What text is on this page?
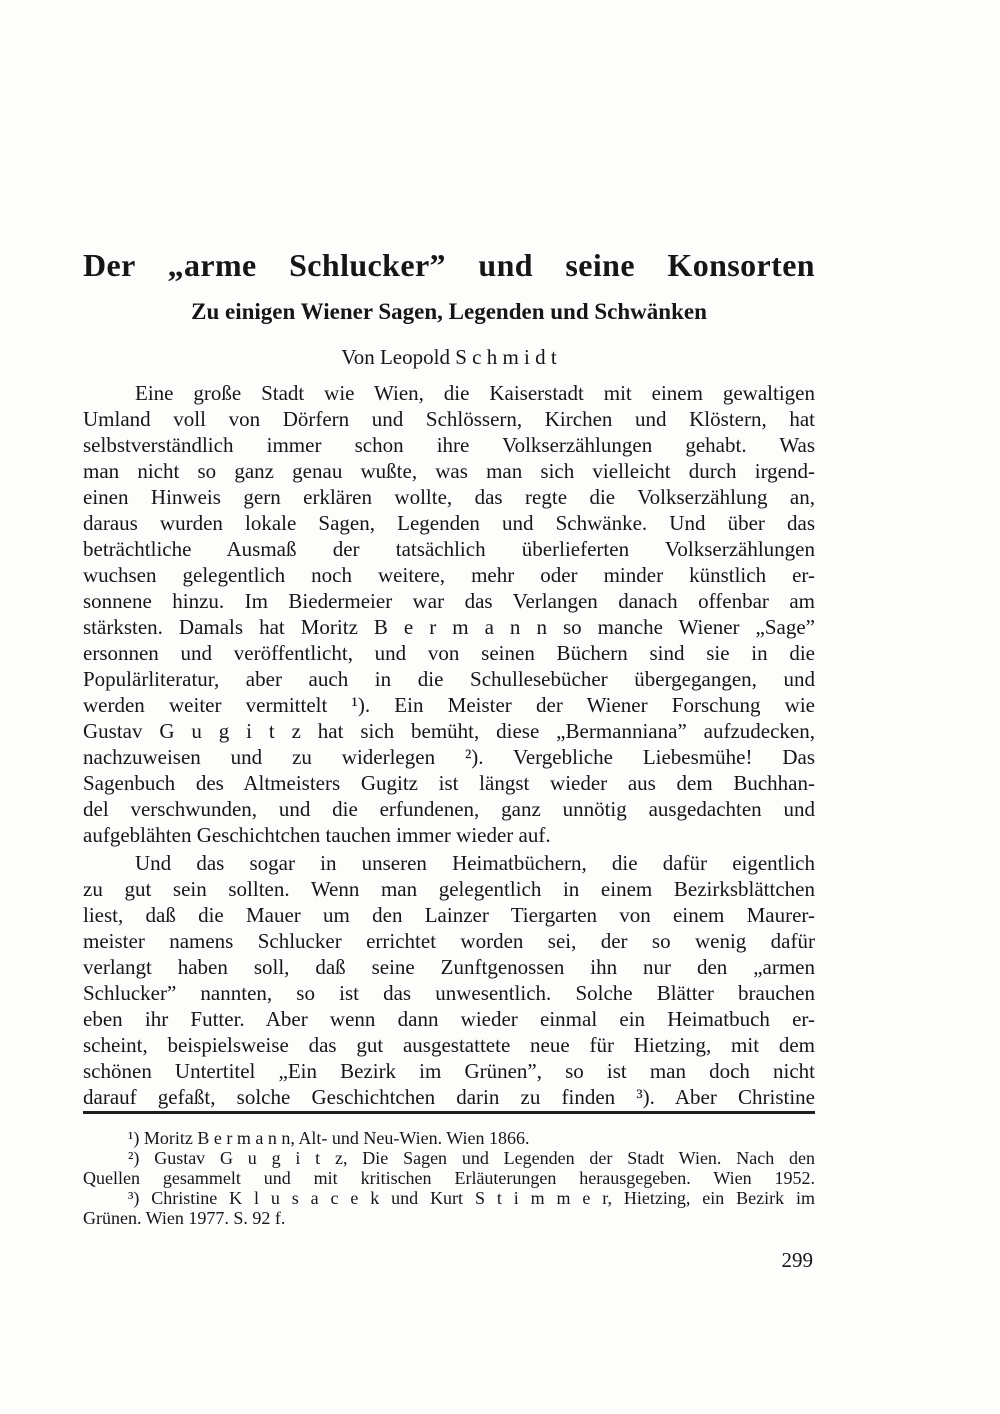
Der „arme Schlucker” und seine Konsorten
Zu einigen Wiener Sagen, Legenden und Schwänken
Von Leopold S c h m i d t
Eine große Stadt wie Wien, die Kaiserstadt mit einem gewaltigen
Umland voll von Dörfern und Schlössern, Kirchen und Klöstern, hat
selbstverständlich immer schon ihre Volkserzählungen gehabt. Was
man nicht so ganz genau wußte, was man sich vielleicht durch irgend-
einen Hinweis gern erklären wollte, das regte die Volkserzählung an,
daraus wurden lokale Sagen, Legenden und Schwänke. Und über das
beträchtliche Ausmaß der tatsächlich überlieferten Volkserzählungen
wuchsen gelegentlich noch weitere, mehr oder minder künstlich er-
sonnene hinzu. Im Biedermeier war das Verlangen danach offenbar am
stärksten. Damals hat Moritz B e r m a n n so manche Wiener „Sage”
ersonnen und veröffentlicht, und von seinen Büchern sind sie in die
Populärliteratur, aber auch in die Schullesebücher übergegangen, und
werden weiter vermittelt ¹). Ein Meister der Wiener Forschung wie
Gustav G u g i t z hat sich bemüht, diese „Bermanniana” aufzudecken,
nachzuweisen und zu widerlegen ²). Vergebliche Liebesmühe! Das
Sagenbuch des Altmeisters Gugitz ist längst wieder aus dem Buchhan-
del verschwunden, und die erfundenen, ganz unnötig ausgedachten und
aufgeblähten Geschichtchen tauchen immer wieder auf.
Und das sogar in unseren Heimatbüchern, die dafür eigentlich
zu gut sein sollten. Wenn man gelegentlich in einem Bezirksblättchen
liest, daß die Mauer um den Lainzer Tiergarten von einem Maurer-
meister namens Schlucker errichtet worden sei, der so wenig dafür
verlangt haben soll, daß seine Zunftgenossen ihn nur den „armen
Schlucker” nannten, so ist das unwesentlich. Solche Blätter brauchen
eben ihr Futter. Aber wenn dann wieder einmal ein Heimatbuch er-
scheint, beispielsweise das gut ausgestattete neue für Hietzing, mit dem
schönen Untertitel „Ein Bezirk im Grünen”, so ist man doch nicht
darauf gefaßt, solche Geschichtchen darin zu finden ³). Aber Christine
¹) Moritz B e r m a n n, Alt- und Neu-Wien. Wien 1866.
²) Gustav G u g i t z, Die Sagen und Legenden der Stadt Wien. Nach den
Quellen gesammelt und mit kritischen Erläuterungen herausgegeben. Wien 1952.
³) Christine K l u s a c e k und Kurt S t i m m e r, Hietzing, ein Bezirk im
Grünen. Wien 1977. S. 92 f.
299
